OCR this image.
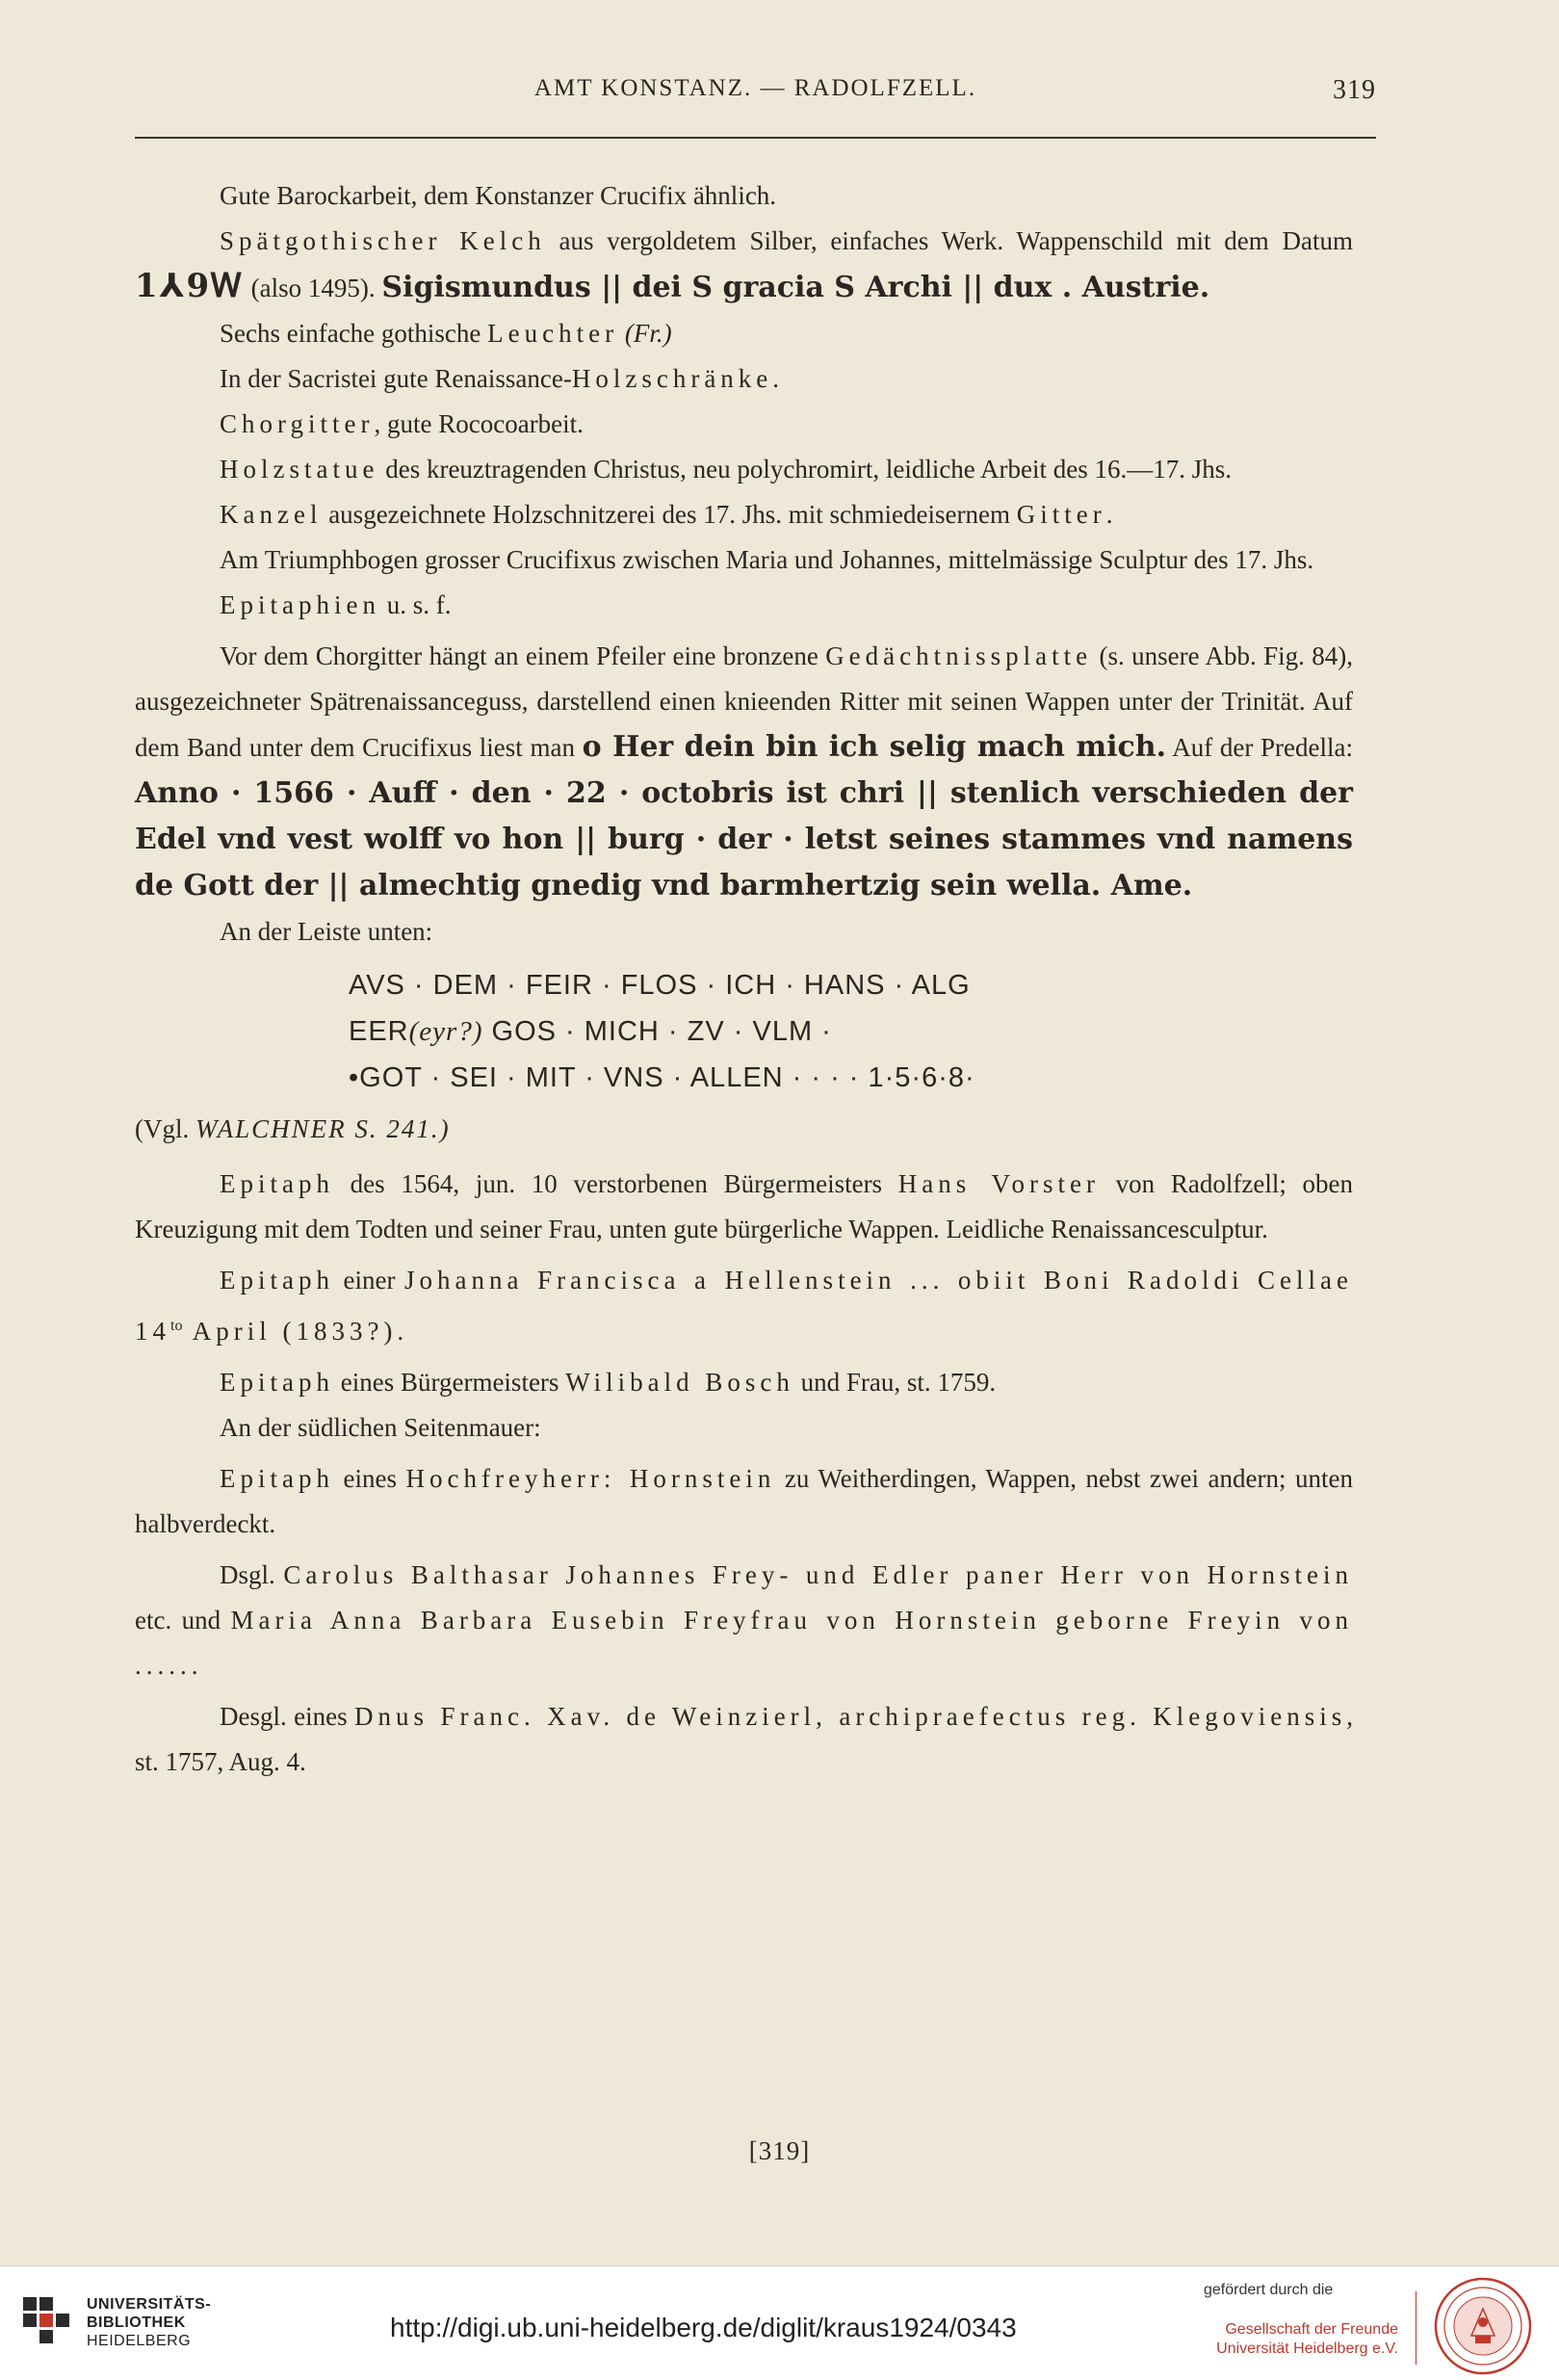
AMT KONSTANZ. — RADOLFZELL.	319

Gute Barockarbeit, dem Konstanzer Crucifix ähnlich.

Spätgothischer Kelch aus vergoldetem Silber, einfaches Werk. Wappenschild mit dem Datum 1⅄9Ꮃ (also 1495). Sigismundus || dei S gracia S Archi || dux . Austrie.

Sechs einfache gothische Leuchter (Fr.)

In der Sacristei gute Renaissance-Holzschränke.

Chorgitter, gute Rococoarbeit.

Holzstatue des kreuztragenden Christus, neu polychromirt, leidliche Arbeit des 16.—17. Jhs.

Kanzel ausgezeichnete Holzschnitzerei des 17. Jhs. mit schmiedeisernem Gitter.

Am Triumphbogen grosser Crucifixus zwischen Maria und Johannes, mittelmässige Sculptur des 17. Jhs.

Epitaphien u. s. f.

Vor dem Chorgitter hängt an einem Pfeiler eine bronzene Gedächtnissplatte (s. unsere Abb. Fig. 84), ausgezeichneter Spätrenaissanceguss, darstellend einen knieenden Ritter mit seinen Wappen unter der Trinität. Auf dem Band unter dem Crucifixus liest man o Her dein bin ich selig mach mich. Auf der Predella: Anno · 1566 · Auff · den · 22 · octobris ist chri || stenlich verschieden der Edel vnd vest wolff vo hon || burg · der · letst seines stammes vnd namens de Gott der || almechtig gnedig vnd barmhertzig sein wella. Ame.

An der Leiste unten:

AVS · DEM · FEIR · FLOS · ICH · HANS · ALG
EER(eyr?) GOS · MICH · ZV · VLM ·
•GOT · SEI · MIT · VNS · ALLEN · · · · 1·5·6·8·

(Vgl. WALCHNER S. 241.)

Epitaph des 1564, jun. 10 verstorbenen Bürgermeisters Hans Vorster von Radolfzell; oben Kreuzigung mit dem Todten und seiner Frau, unten gute bürgerliche Wappen. Leidliche Renaissancesculptur.

Epitaph einer Johanna Francisca a Hellenstein ... obiit Boni Radoldi Cellae $14^{to}$ April (1833?).

Epitaph eines Bürgermeisters Wilibald Bosch und Frau, st. 1759.

An der südlichen Seitenmauer:

Epitaph eines Hochfreyherr: Hornstein zu Weitherdingen, Wappen, nebst zwei andern; unten halbverdeckt.

Dsgl. Carolus Balthasar Johannes Frey- und Edler paner Herr von Hornstein etc. und Maria Anna Barbara Eusebin Freyfrau von Hornstein geborne Freyin von ......

Desgl. eines Dnus Franc. Xav. de Weinzierl, archipraefectus reg. Klegoviensis, st. 1757, Aug. 4.

[319]
UNIVERSITÄTS-
BIBLIOTHEK
HEIDELBERG	http://digi.ub.uni-heidelberg.de/diglit/kraus1924/0343
gefördert durch die
Gesellschaft der Freunde
Universität Heidelberg e.V.
